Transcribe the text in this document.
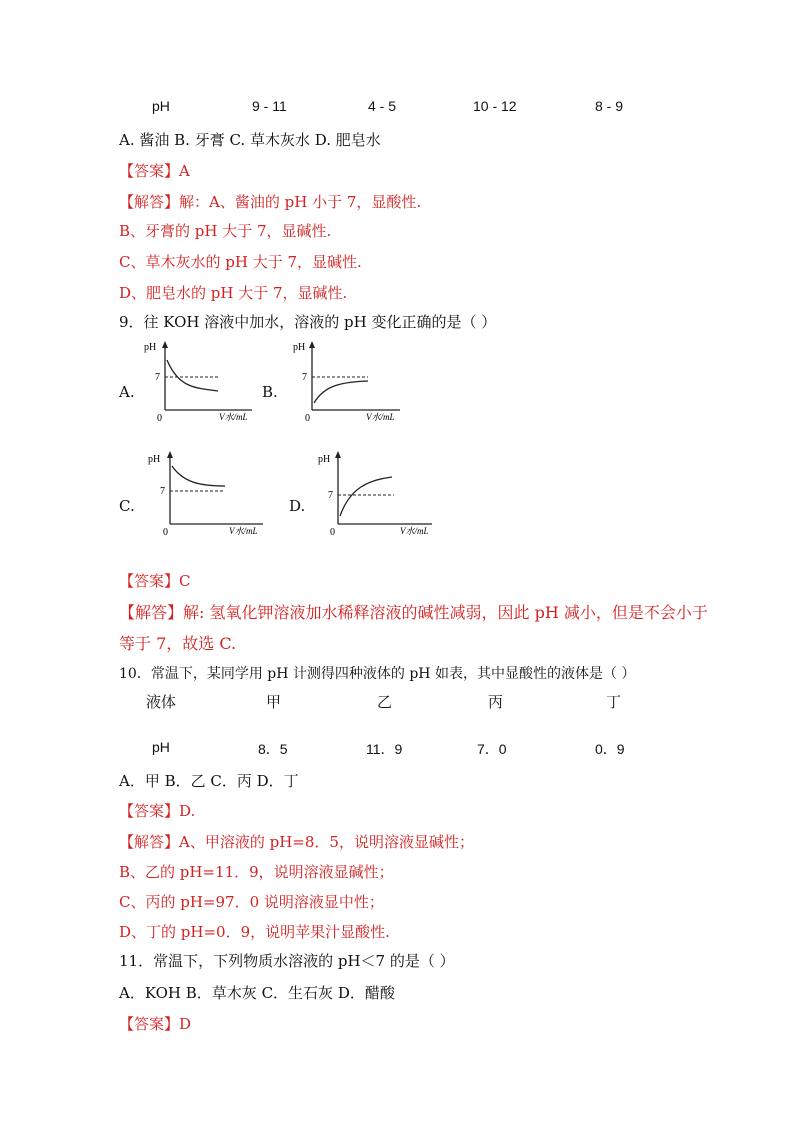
pH	9 - 11	4 - 5	10 - 12	8 - 9
A. 酱油 B. 牙膏 C. 草木灰水 D. 肥皂水
【答案】A
【解答】解：A、酱油的 pH 小于 7，显酸性.
B、牙膏的 pH 大于 7，显碱性.
C、草木灰水的 pH 大于 7，显碱性.
D、肥皂水的 pH 大于 7，显碱性.
9．往 KOH 溶液中加水，溶液的 pH 变化正确的是（ ）
A.	B.
C.	D.
pH
7
0	V水/mL
pH
7
0	V水/mL
pH
7
0	V水/mL
pH
7
0	V水/mL
【答案】C
【解答】解: 氢氧化钾溶液加水稀释溶液的碱性减弱，因此 pH 减小，但是不会小于
等于 7，故选 C.
10．常温下，某同学用 pH 计测得四种液体的 pH 如表，其中显酸性的液体是（ ）
液体	甲	乙	丙	丁
pH	8．5	11．9	7．0	0．9
A．甲 B．乙 C．丙 D．丁
【答案】D.
【解答】A、甲溶液的 pH=8．5，说明溶液显碱性；
B、乙的 pH=11．9，说明溶液显碱性；
C、丙的 pH=97．0 说明溶液显中性；
D、丁的 pH=0．9，说明苹果汁显酸性.
11．常温下，下列物质水溶液的 pH＜7 的是（ ）
A．KOH B．草木灰 C．生石灰 D．醋酸
【答案】D
